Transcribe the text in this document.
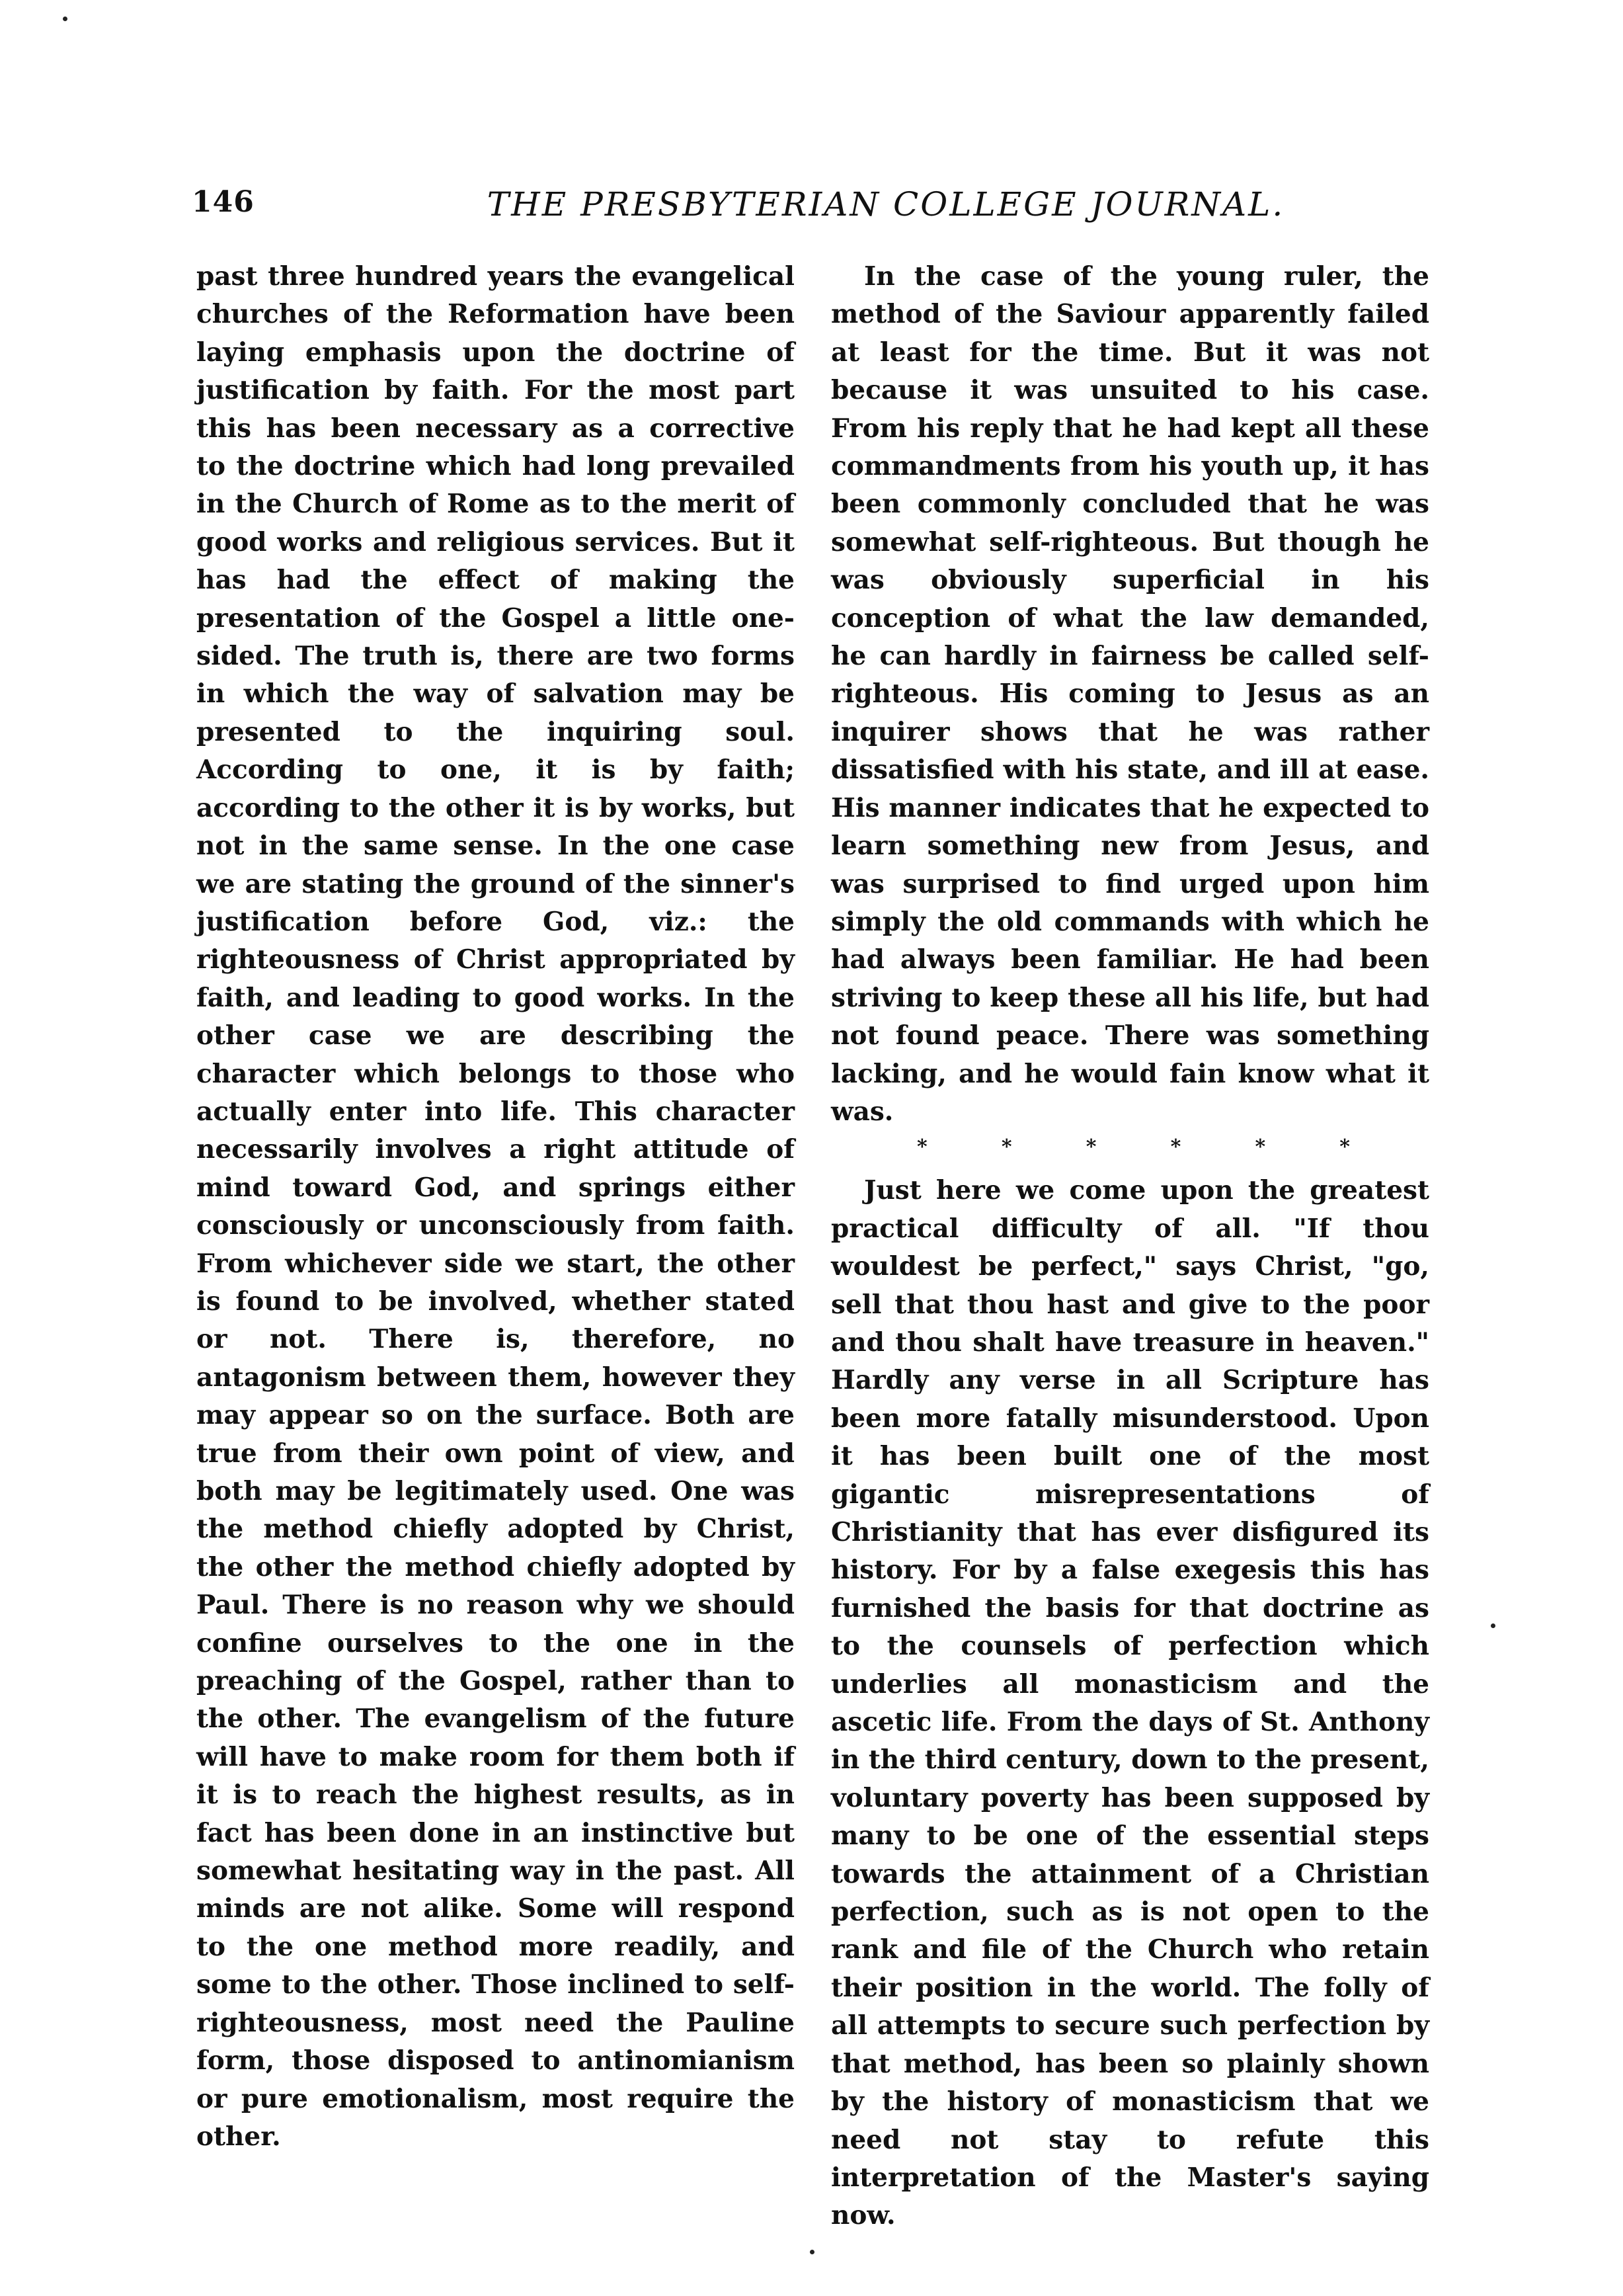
146	THE PRESBYTERIAN COLLEGE JOURNAL.

past three hundred years the evangelical churches of the Reformation have been laying emphasis upon the doctrine of justification by faith. For the most part this has been necessary as a corrective to the doctrine which had long prevailed in the Church of Rome as to the merit of good works and religious services. But it has had the effect of making the presentation of the Gospel a little one-sided. The truth is, there are two forms in which the way of salvation may be presented to the inquiring soul. According to one, it is by faith; according to the other it is by works, but not in the same sense. In the one case we are stating the ground of the sinner's justification before God, viz.: the righteousness of Christ appropriated by faith, and leading to good works. In the other case we are describing the character which belongs to those who actually enter into life. This character necessarily involves a right attitude of mind toward God, and springs either consciously or unconsciously from faith. From whichever side we start, the other is found to be involved, whether stated or not. There is, therefore, no antagonism between them, however they may appear so on the surface. Both are true from their own point of view, and both may be legitimately used. One was the method chiefly adopted by Christ, the other the method chiefly adopted by Paul. There is no reason why we should confine ourselves to the one in the preaching of the Gospel, rather than to the other. The evangelism of the future will have to make room for them both if it is to reach the highest results, as in fact has been done in an instinctive but somewhat hesitating way in the past. All minds are not alike. Some will respond to the one method more readily, and some to the other. Those inclined to self-righteousness, most need the Pauline form, those disposed to antinomianism or pure emotionalism, most require the other.

In the case of the young ruler, the method of the Saviour apparently failed at least for the time. But it was not because it was unsuited to his case. From his reply that he had kept all these commandments from his youth up, it has been commonly concluded that he was somewhat self-righteous. But though he was obviously superficial in his conception of what the law demanded, he can hardly in fairness be called self-righteous. His coming to Jesus as an inquirer shows that he was rather dissatisfied with his state, and ill at ease. His manner indicates that he expected to learn something new from Jesus, and was surprised to find urged upon him simply the old commands with which he had always been familiar. He had been striving to keep these all his life, but had not found peace. There was something lacking, and he would fain know what it was.

*	*	*	*	*	*

Just here we come upon the greatest practical difficulty of all. "If thou wouldest be perfect," says Christ, "go, sell that thou hast and give to the poor and thou shalt have treasure in heaven." Hardly any verse in all Scripture has been more fatally misunderstood. Upon it has been built one of the most gigantic misrepresentations of Christianity that has ever disfigured its history. For by a false exegesis this has furnished the basis for that doctrine as to the counsels of perfection which underlies all monasticism and the ascetic life. From the days of St. Anthony in the third century, down to the present, voluntary poverty has been supposed by many to be one of the essential steps towards the attainment of a Christian perfection, such as is not open to the rank and file of the Church who retain their position in the world. The folly of all attempts to secure such perfection by that method, has been so plainly shown by the history of monasticism that we need not stay to refute this interpretation of the Master's saying now.
